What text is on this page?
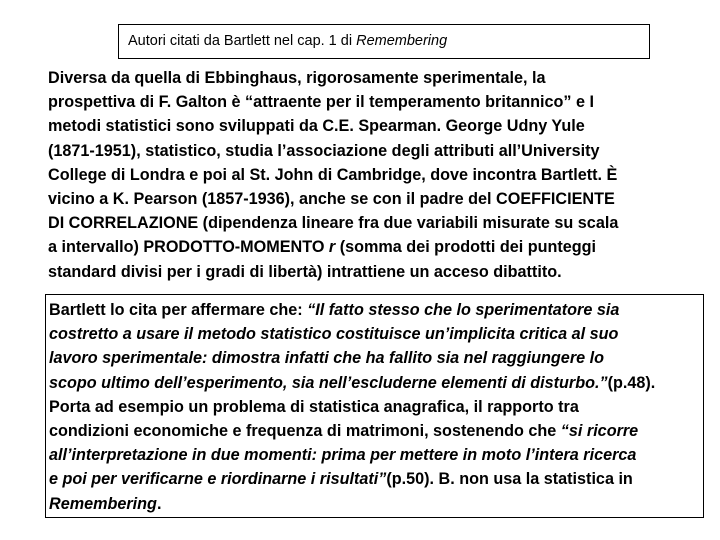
Autori citati da Bartlett nel cap. 1 di Remembering
Diversa da quella di Ebbinghaus, rigorosamente sperimentale, la
prospettiva di F. Galton è “attraente per il temperamento britannico” e I
metodi statistici sono sviluppati da C.E. Spearman. George Udny Yule
(1871-1951), statistico, studia l’associazione degli attributi all’University
College di Londra e poi al St. John di Cambridge, dove incontra Bartlett. È
vicino a K. Pearson (1857-1936), anche se con il padre del COEFFICIENTE
DI CORRELAZIONE (dipendenza lineare fra due variabili misurate su scala
a intervallo) PRODOTTO-MOMENTO r (somma dei prodotti dei punteggi
standard divisi per i gradi di libertà) intrattiene un acceso dibattito.
Bartlett lo cita per affermare che: “Il fatto stesso che lo sperimentatore sia
costretto a usare il metodo statistico costituisce un’implicita critica al suo
lavoro sperimentale: dimostra infatti che ha fallito sia nel raggiungere lo
scopo ultimo dell’esperimento, sia nell’escluderne elementi di disturbo.”(p.48).
Porta ad esempio un problema di statistica anagrafica, il rapporto tra
condizioni economiche e frequenza di matrimoni, sostenendo che “si ricorre
all’interpretazione in due momenti: prima per mettere in moto l’intera ricerca
e poi per verificarne e riordinarne i risultati”(p.50). B. non usa la statistica in
Remembering.
